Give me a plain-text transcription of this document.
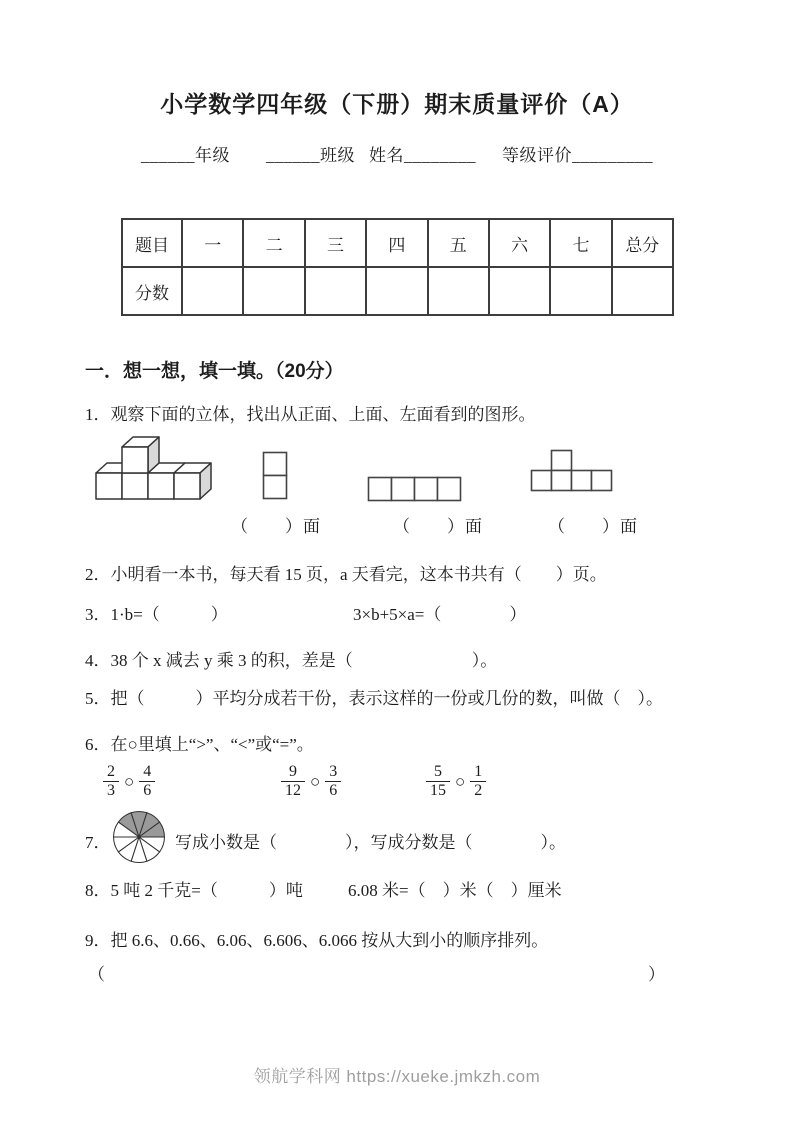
小学数学四年级（下册）期末质量评价（A）
______年级 ______班级 姓名________ 等级评价_________
题目	一	二	三	四	五	六	七	总分
分数								
一．想一想，填一填。（20分）
1．观察下面的立体，找出从正面、上面、左面看到的图形。
（　　）面	（　　）面	（　　）面
2．小明看一本书，每天看 15 页，a 天看完，这本书共有（　　）页。
3．1·b=（　　　）	3×b+5×a=（　　　　）
4．38 个 x 减去 y 乘 3 的积，差是（　　　　　　　）。
5．把（　　　）平均分成若干份，表示这样的一份或几份的数，叫做（　）。
6．在○里填上“>”、“<”或“=”。
$\frac{2}{3}$ ○ $\frac{4}{6}$	$\frac{9}{12}$ ○ $\frac{3}{6}$	$\frac{5}{15}$ ○ $\frac{1}{2}$
7．	写成小数是（　　　　），写成分数是（　　　　）。
8．5 吨 2 千克=（　　　）吨	6.08 米=（　）米（　）厘米
9．把 6.6、0.66、6.06、6.606、6.066 按从大到小的顺序排列。
（	）
领航学科网 https://xueke.jmkzh.com
